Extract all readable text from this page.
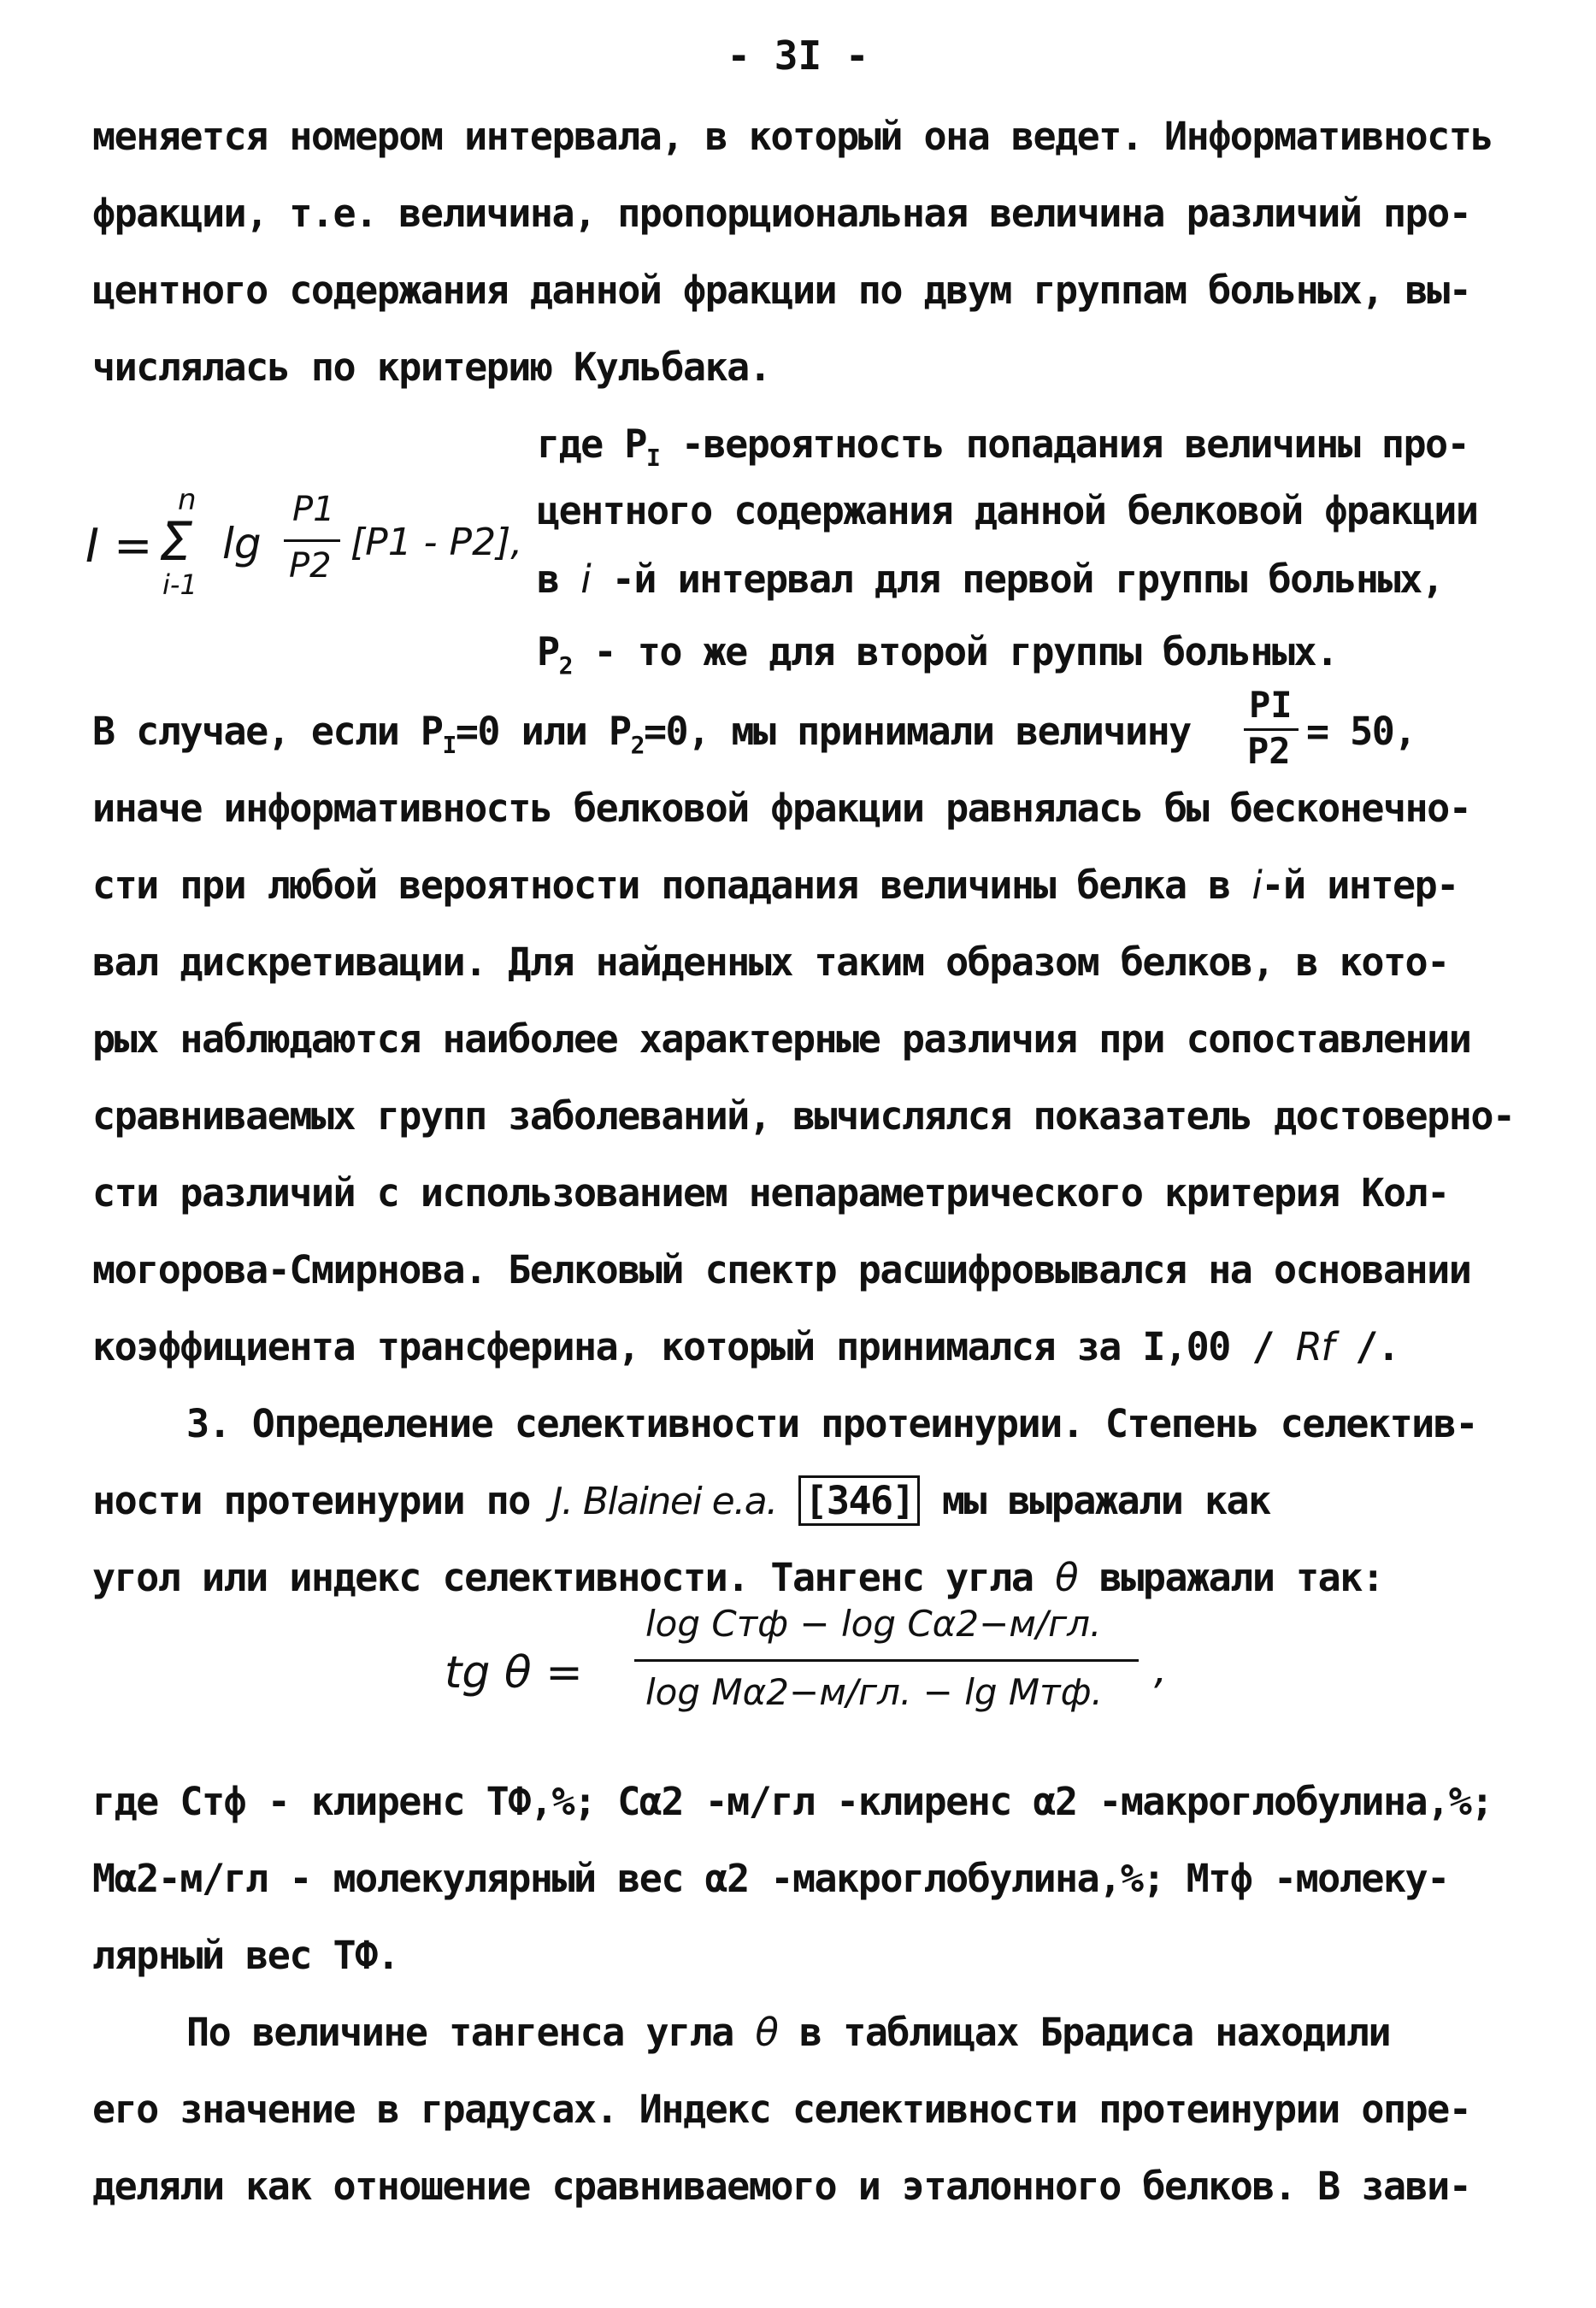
- 3I -
меняется номером интервала, в который она ведет. Информативность
фракции, т.е. величина, пропорциональная величина различий про-
центного содержания данной фракции по двум группам больных, вы-
числялась по критерию Кульбака.
где $P_I$ -вероятность попадания величины про-
центного содержания данной белковой фракции
в i -й интервал для первой группы больных,
$P_2$ - то же для второй группы больных.
I =
n
Σ
i-1
lg
P1
P2
[P1 - P2],
В случае, если $P_I=0$ или $P_2=0$, мы принимали величину
PI
P2 = 50,
иначе информативность белковой фракции равнялась бы бесконечно-
сти при любой вероятности попадания величины белка в i-й интер-
вал дискретивации. Для найденных таким образом белков, в кото-
рых наблюдаются наиболее характерные различия при сопоставлении
сравниваемых групп заболеваний, вычислялся показатель достоверно-
сти различий с использованием непараметрического критерия Кол-
могорова-Смирнова. Белковый спектр расшифровывался на основании
коэффициента трансферина, который принимался за I,00 / Rf /.
3. Определение селективности протеинурии. Степень селектив-
ности протеинурии по J. Blainei e.a. [346] мы выражали как
угол или индекс селективности. Тангенс угла θ выражали так:
tg θ =
log Cтф − log Cα2−м/гл.
log Mα2−м/гл. − lg Mтф. ,
где Cтф - клиренс ТФ,%; Cα2 -м/гл -клиренс α2 -макроглобулина,%;
Mα2-м/гл - молекулярный вес α2 -макроглобулина,%; Mтф -молеку-
лярный вес ТФ.
По величине тангенса угла θ в таблицах Брадиса находили
его значение в градусах. Индекс селективности протеинурии опре-
деляли как отношение сравниваемого и эталонного белков. В зави-
